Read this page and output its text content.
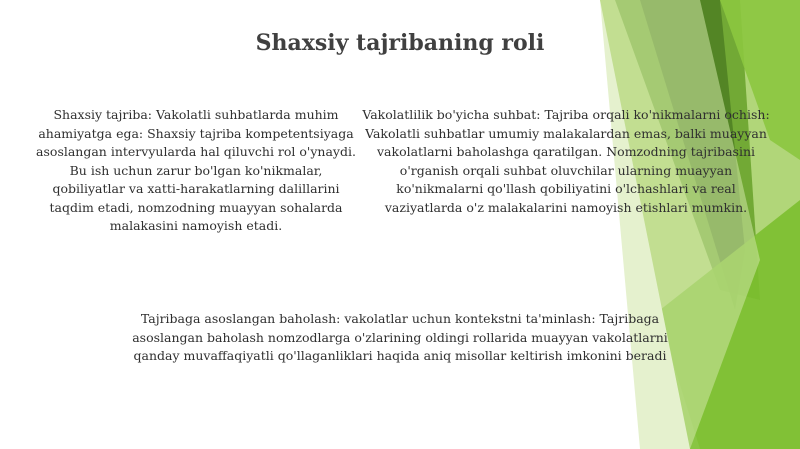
Shaxsiy tajribaning roli

Shaxsiy tajriba: Vakolatli suhbatlarda muhim ahamiyatga ega: Shaxsiy tajriba kompetentsiyaga asoslangan intervyularda hal qiluvchi rol o'ynaydi. Bu ish uchun zarur bo'lgan ko'nikmalar, qobiliyatlar va xatti-harakatlarning dalillarini taqdim etadi, nomzodning muayyan sohalarda malakasini namoyish etadi.

Vakolatlilik bo'yicha suhbat: Tajriba orqali ko'nikmalarni ochish: Vakolatli suhbatlar umumiy malakalardan emas, balki muayyan vakolatlarni baholashga qaratilgan. Nomzodning tajribasini o'rganish orqali suhbat oluvchilar ularning muayyan ko'nikmalarni qo'llash qobiliyatini o'lchashlari va real vaziyatlarda o'z malakalarini namoyish etishlari mumkin.

Tajribaga asoslangan baholash: vakolatlar uchun kontekstni ta'minlash: Tajribaga asoslangan baholash nomzodlarga o'zlarining oldingi rollarida muayyan vakolatlarni qanday muvaffaqiyatli qo'llaganliklari haqida aniq misollar keltirish imkonini beradi
